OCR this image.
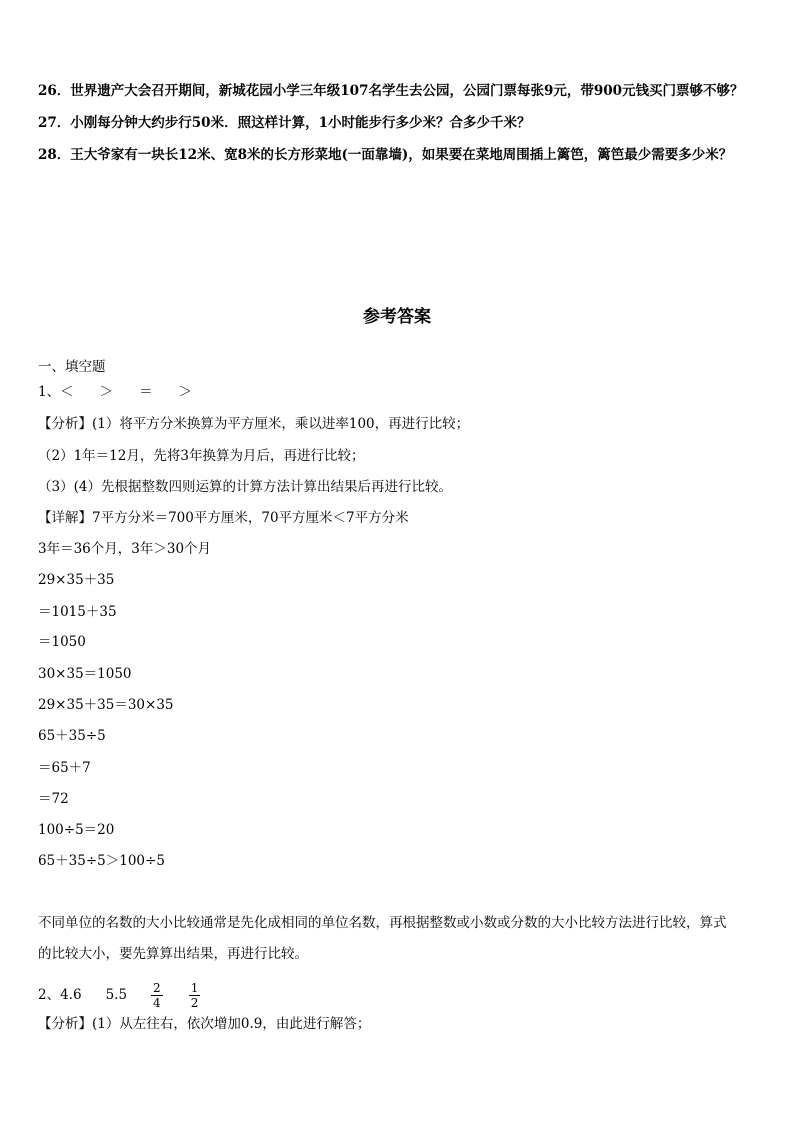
26．世界遗产大会召开期间，新城花园小学三年级107名学生去公园，公园门票每张9元，带900元钱买门票够不够？
27．小刚每分钟大约步行50米．照这样计算，1小时能步行多少米？合多少千米？
28．王大爷家有一块长12米、宽8米的长方形菜地(一面靠墙)，如果要在菜地周围插上篱笆，篱笆最少需要多少米？
参考答案
一、填空题
1、＜ ＞ ＝ ＞
【分析】(1）将平方分米换算为平方厘米，乘以进率100，再进行比较；
（2）1年＝12月，先将3年换算为月后，再进行比较；
（3）(4）先根据整数四则运算的计算方法计算出结果后再进行比较。
【详解】7平方分米＝700平方厘米，70平方厘米＜7平方分米
3年＝36个月，3年＞30个月
29×35＋35
＝1015＋35
＝1050
30×35＝1050
29×35＋35＝30×35
65＋35÷5
＝65＋7
＝72
100÷5＝20
65＋35÷5＞100÷5
不同单位的名数的大小比较通常是先化成相同的单位名数，再根据整数或小数或分数的大小比较方法进行比较，算式
的比较大小，要先算算出结果，再进行比较。
2、4.6 $5.5 \frac{2}{4} \frac{1}{2}$
【分析】(1）从左往右，依次增加0.9，由此进行解答；
